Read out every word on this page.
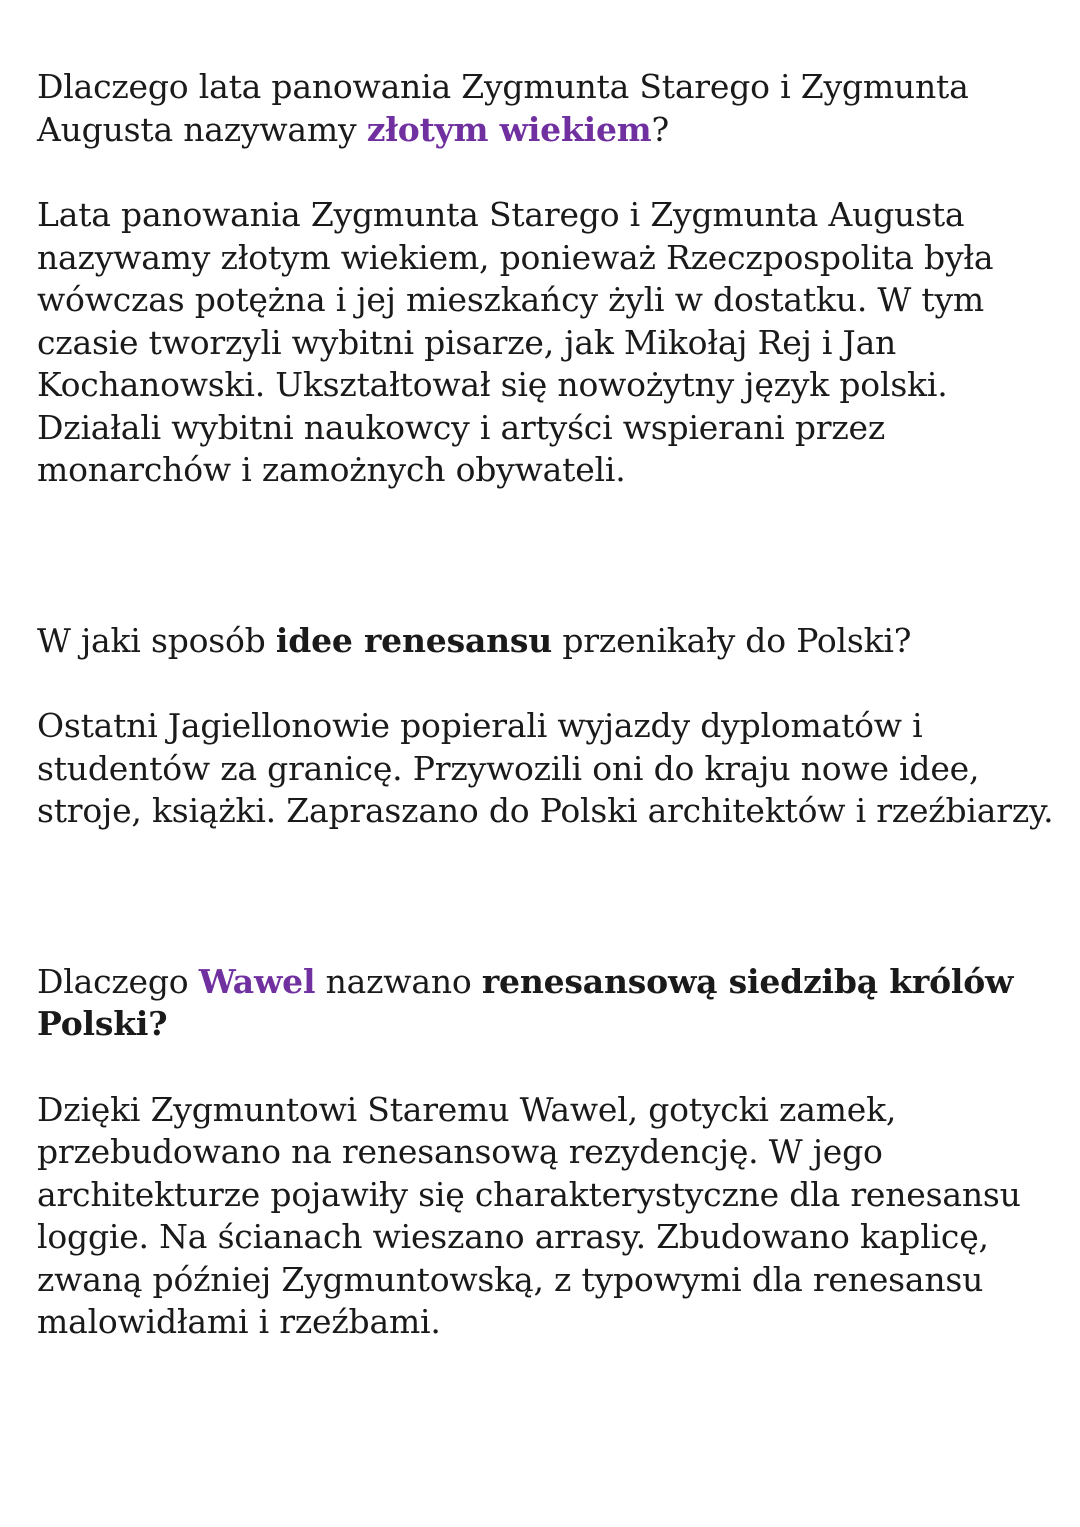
Dlaczego lata panowania Zygmunta Starego i Zygmunta Augusta nazywamy złotym wiekiem?

Lata panowania Zygmunta Starego i Zygmunta Augusta nazywamy złotym wiekiem, ponieważ Rzeczpospolita była wówczas potężna i jej mieszkańcy żyli w dostatku. W tym czasie tworzyli wybitni pisarze, jak Mikołaj Rej i Jan Kochanowski. Ukształtował się nowożytny język polski. Działali wybitni naukowcy i artyści wspierani przez monarchów i zamożnych obywateli.

W jaki sposób idee renesansu przenikały do Polski?

Ostatni Jagiellonowie popierali wyjazdy dyplomatów i studentów za granicę. Przywozili oni do kraju nowe idee, stroje, książki. Zapraszano do Polski architektów i rzeźbiarzy.

Dlaczego Wawel nazwano renesansową siedzibą królów Polski?

Dzięki Zygmuntowi Staremu Wawel, gotycki zamek, przebudowano na renesansową rezydencję. W jego architekturze pojawiły się charakterystyczne dla renesansu loggie. Na ścianach wieszano arrasy. Zbudowano kaplicę, zwaną później Zygmuntowską, z typowymi dla renesansu malowidłami i rzeźbami.
